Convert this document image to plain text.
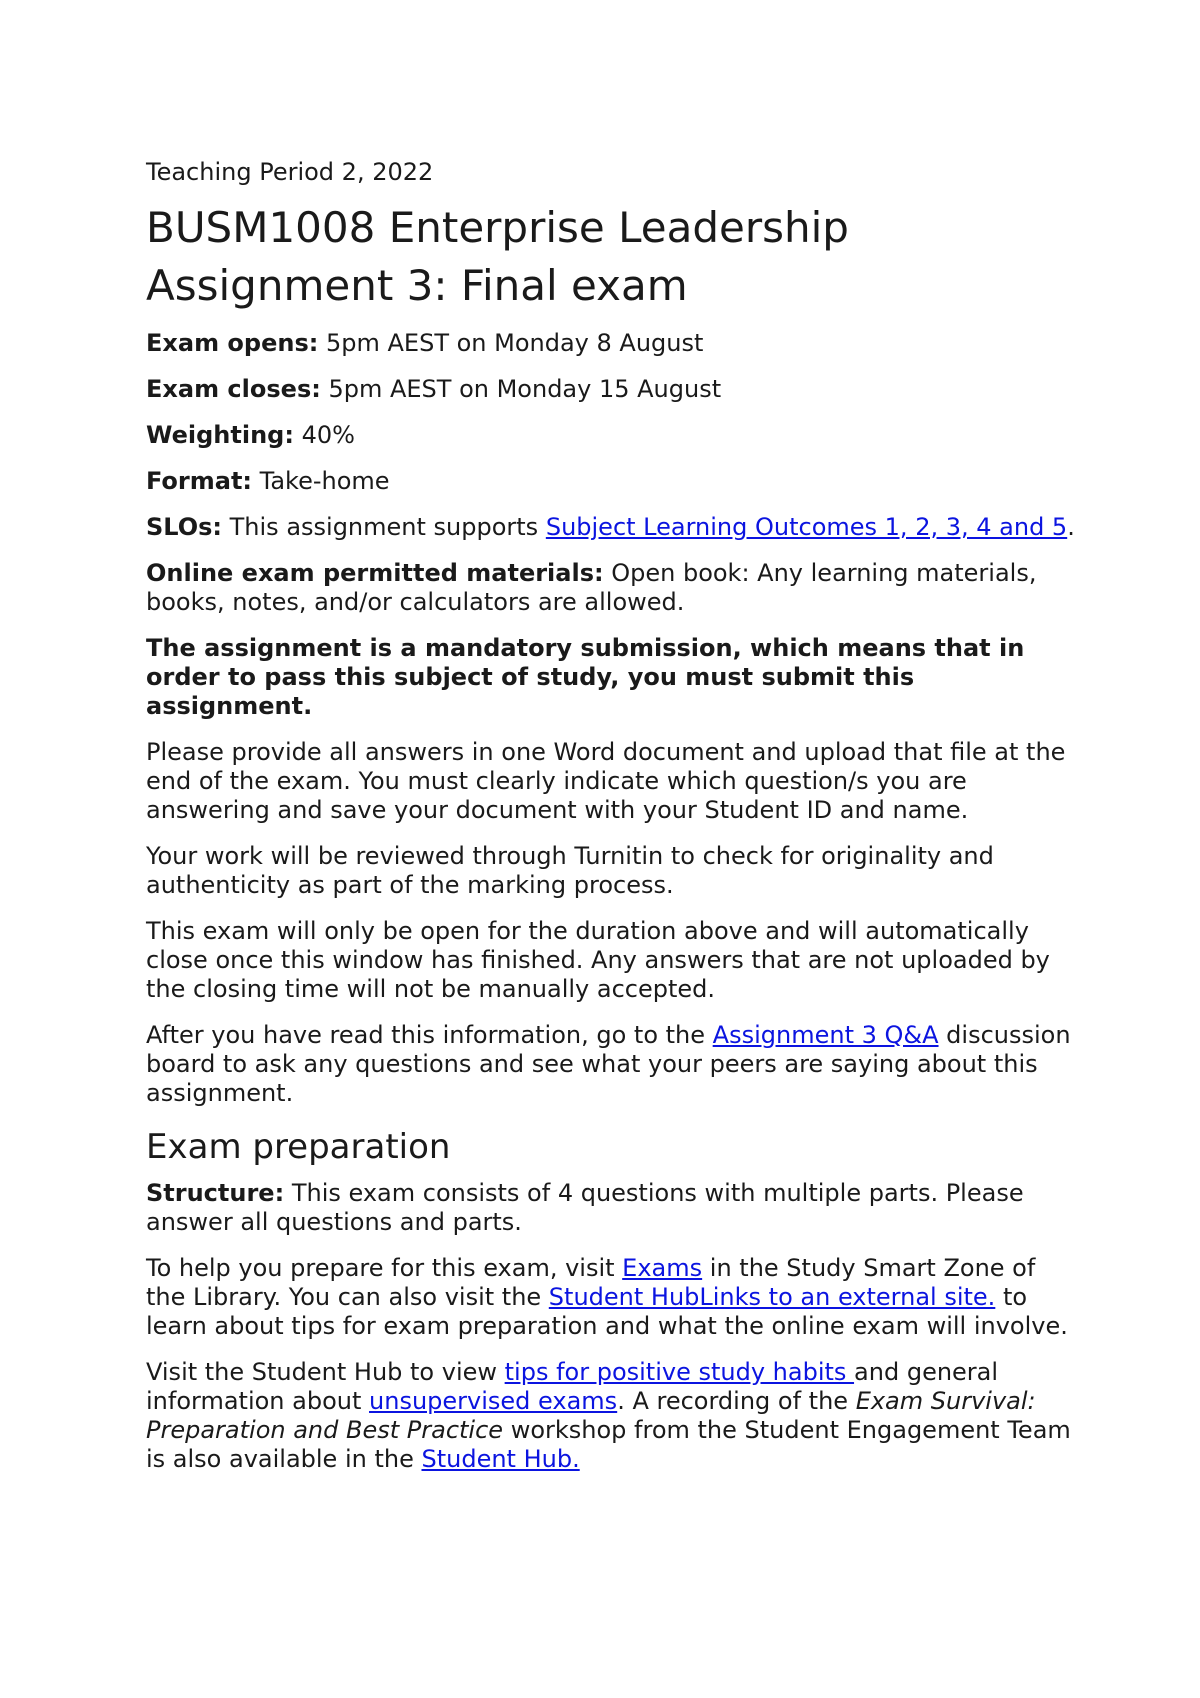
Teaching Period 2, 2022

BUSM1008 Enterprise Leadership
Assignment 3: Final exam

Exam opens: 5pm AEST on Monday 8 August

Exam closes: 5pm AEST on Monday 15 August

Weighting: 40%

Format: Take-home

SLOs: This assignment supports Subject Learning Outcomes 1, 2, 3, 4 and 5.

Online exam permitted materials: Open book: Any learning materials, books, notes, and/or calculators are allowed.

The assignment is a mandatory submission, which means that in order to pass this subject of study, you must submit this assignment.

Please provide all answers in one Word document and upload that file at the end of the exam. You must clearly indicate which question/s you are answering and save your document with your Student ID and name.

Your work will be reviewed through Turnitin to check for originality and authenticity as part of the marking process.

This exam will only be open for the duration above and will automatically close once this window has finished. Any answers that are not uploaded by the closing time will not be manually accepted.

After you have read this information, go to the Assignment 3 Q&A discussion board to ask any questions and see what your peers are saying about this assignment.

Exam preparation

Structure: This exam consists of 4 questions with multiple parts. Please answer all questions and parts.

To help you prepare for this exam, visit Exams in the Study Smart Zone of the Library. You can also visit the Student HubLinks to an external site. to learn about tips for exam preparation and what the online exam will involve.

Visit the Student Hub to view tips for positive study habits and general information about unsupervised exams. A recording of the Exam Survival: Preparation and Best Practice workshop from the Student Engagement Team is also available in the Student Hub.
